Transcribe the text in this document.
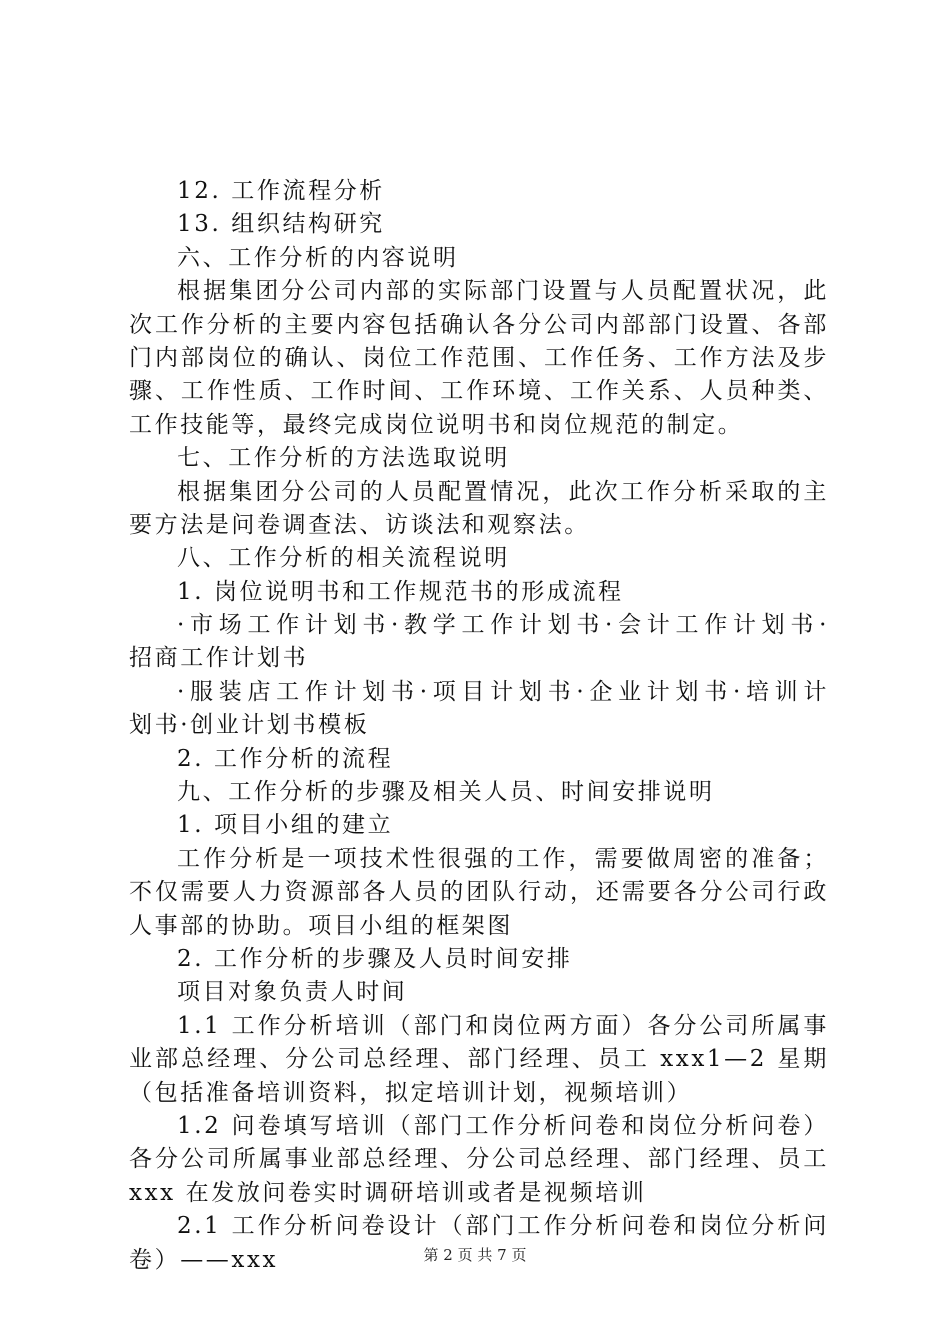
12. 工作流程分析
13. 组织结构研究
六、工作分析的内容说明
根据集团分公司内部的实际部门设置与人员配置状况，此
次工作分析的主要内容包括确认各分公司内部部门设置、各部
门内部岗位的确认、岗位工作范围、工作任务、工作方法及步
骤、工作性质、工作时间、工作环境、工作关系、人员种类、
工作技能等，最终完成岗位说明书和岗位规范的制定。
七、工作分析的方法选取说明
根据集团分公司的人员配置情况，此次工作分析采取的主
要方法是问卷调查法、访谈法和观察法。
八、工作分析的相关流程说明
1. 岗位说明书和工作规范书的形成流程
·市场工作计划书·教学工作计划书·会计工作计划书·
招商工作计划书
·服装店工作计划书·项目计划书·企业计划书·培训计
划书·创业计划书模板
2. 工作分析的流程
九、工作分析的步骤及相关人员、时间安排说明
1. 项目小组的建立
工作分析是一项技术性很强的工作，需要做周密的准备；
不仅需要人力资源部各人员的团队行动，还需要各分公司行政
人事部的协助。项目小组的框架图
2. 工作分析的步骤及人员时间安排
项目对象负责人时间
1.1 工作分析培训（部门和岗位两方面）各分公司所属事
业部总经理、分公司总经理、部门经理、员工 xxx1—2 星期
（包括准备培训资料，拟定培训计划，视频培训）
1.2 问卷填写培训（部门工作分析问卷和岗位分析问卷）
各分公司所属事业部总经理、分公司总经理、部门经理、员工
xxx 在发放问卷实时调研培训或者是视频培训
2.1 工作分析问卷设计（部门工作分析问卷和岗位分析问
卷）——xxx	第 2 页 共 7 页
